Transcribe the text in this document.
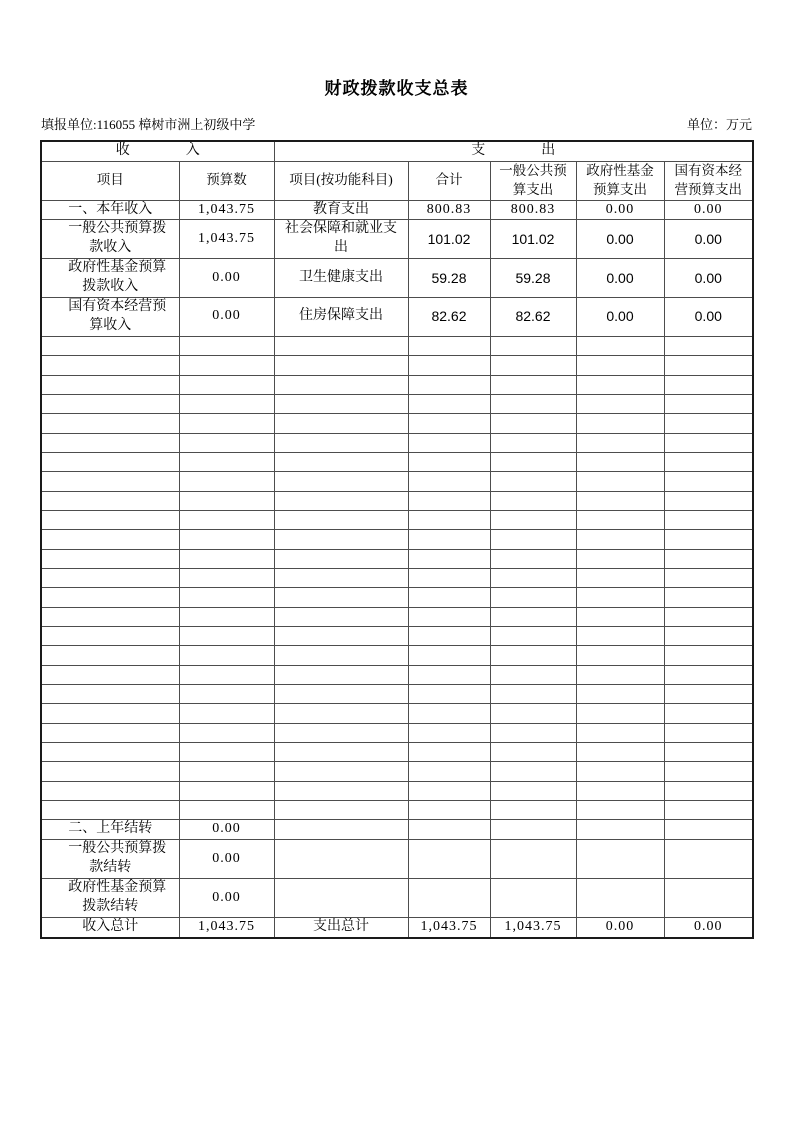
财政拨款收支总表
填报单位:116055 樟树市洲上初级中学	单位：万元
收　　　　入		支　　　　出				
项目	预算数	项目(按功能科目)	合计	一般公共预算支出	政府性基金预算支出	国有资本经营预算支出
一、本年收入	1,043.75	教育支出	800.83	800.83	0.00	0.00
一般公共预算拨款收入	1,043.75	社会保障和就业支出	101.02	101.02	0.00	0.00
政府性基金预算拨款收入	0.00	卫生健康支出	59.28	59.28	0.00	0.00
国有资本经营预算收入	0.00	住房保障支出	82.62	82.62	0.00	0.00

二、上年结转	0.00					
一般公共预算拨款结转	0.00					
政府性基金预算拨款结转	0.00					
收入总计	1,043.75	支出总计	1,043.75	1,043.75	0.00	0.00
